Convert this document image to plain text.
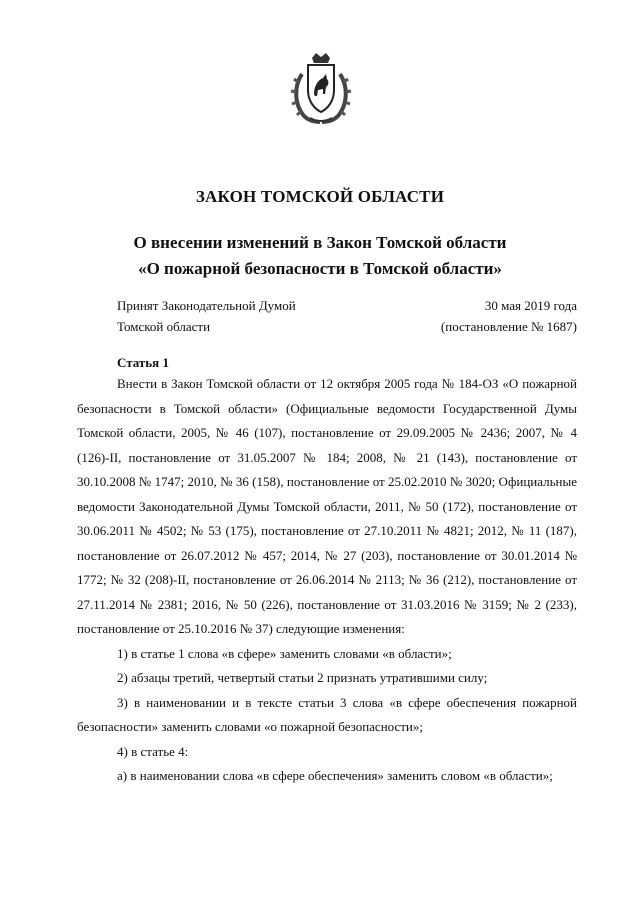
ЗАКОН ТОМСКОЙ ОБЛАСТИ
О внесении изменений в Закон Томской области
«О пожарной безопасности в Томской области»
Принят Законодательной Думой
Томской области
30 мая 2019 года
(постановление № 1687)
Статья 1

Внести в Закон Томской области от 12 октября 2005 года № 184-ОЗ «О пожарной безопасности в Томской области» (Официальные ведомости Государственной Думы Томской области, 2005, № 46 (107), постановление от 29.09.2005 № 2436; 2007, № 4 (126)-II, постановление от 31.05.2007 № 184; 2008, № 21 (143), постановление от 30.10.2008 № 1747; 2010, № 36 (158), постановление от 25.02.2010 № 3020; Официальные ведомости Законодательной Думы Томской области, 2011, № 50 (172), постановление от 30.06.2011 № 4502; № 53 (175), постановление от 27.10.2011 № 4821; 2012, № 11 (187), постановление от 26.07.2012 № 457; 2014, № 27 (203), постановление от 30.01.2014 № 1772; № 32 (208)-II, постановление от 26.06.2014 № 2113; № 36 (212), постановление от 27.11.2014 № 2381; 2016, № 50 (226), постановление от 31.03.2016 № 3159; № 2 (233), постановление от 25.10.2016 № 37) следующие изменения:

1) в статье 1 слова «в сфере» заменить словами «в области»;

2) абзацы третий, четвертый статьи 2 признать утратившими силу;

3) в наименовании и в тексте статьи 3 слова «в сфере обеспечения пожарной безопасности» заменить словами «о пожарной безопасности»;

4) в статье 4:

а) в наименовании слова «в сфере обеспечения» заменить словом «в области»;
